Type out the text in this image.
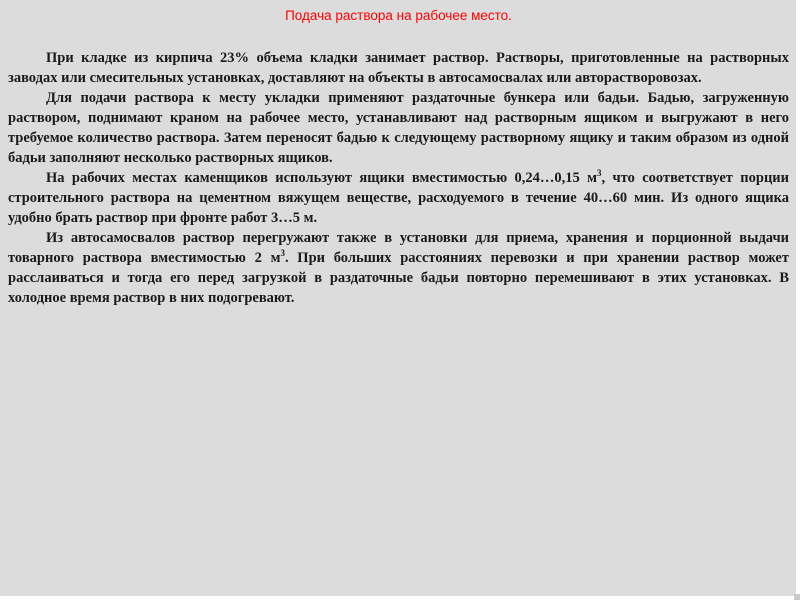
Подача раствора на рабочее место.

При кладке из кирпича 23% объема кладки занимает раствор. Растворы, приготовленные на растворных заводах или смесительных установках, доставляют на объекты в автосамосвалах или авторастворовозах.

Для подачи раствора к месту укладки применяют раздаточные бункера или бадьи. Бадью, загруженную раствором, поднимают краном на рабочее место, устанавливают над растворным ящиком и выгружают в него требуемое количество раствора. Затем переносят бадью к следующему растворному ящику и таким образом из одной бадьи заполняют несколько растворных ящиков.

На рабочих местах каменщиков используют ящики вместимостью 0,24…0,15 $м^3$, что соответствует порции строительного раствора на цементном вяжущем веществе, расходуемого в течение 40…60 мин. Из одного ящика удобно брать раствор при фронте работ 3…5 м.

Из автосамосвалов раствор перегружают также в установки для приема, хранения и порционной выдачи товарного раствора вместимостью 2 $м^3$. При больших расстояниях перевозки и при хранении раствор может расслаиваться и тогда его перед загрузкой в раздаточные бадьи повторно перемешивают в этих установках. В холодное время раствор в них подогревают.
